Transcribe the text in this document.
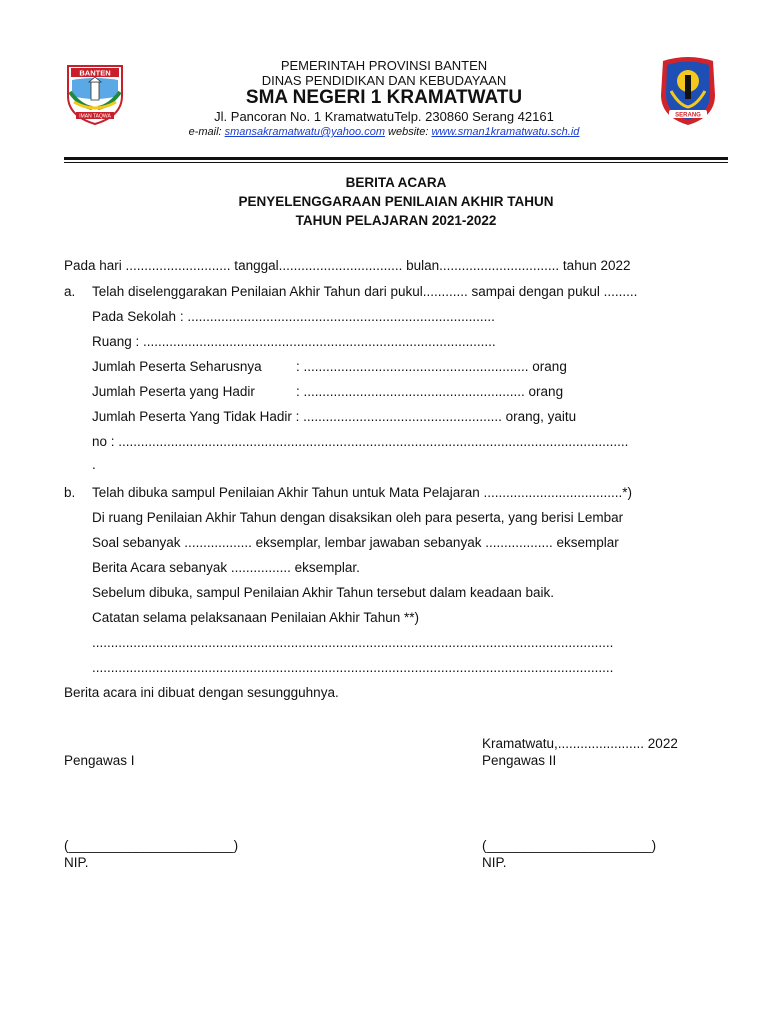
BANTEN
IMAN TAQWA	SERANG
PEMERINTAH PROVINSI BANTEN
DINAS PENDIDIKAN DAN KEBUDAYAAN
SMA NEGERI 1 KRAMATWATU
Jl. Pancoran No. 1 KramatwatuTelp. 230860 Serang 42161
e-mail: smansakramatwatu@yahoo.com website: www.sman1kramatwatu.sch.id
BERITA ACARA
PENYELENGGARAAN PENILAIAN AKHIR TAHUN
TAHUN PELAJARAN 2021-2022
Pada hari ............................ tanggal................................. bulan................................ tahun 2022
a. Telah diselenggarakan Penilaian Akhir Tahun dari pukul............ sampai dengan pukul .........
Pada Sekolah : ..................................................................................
Ruang : ..............................................................................................
Jumlah Peserta Seharusnya	: ............................................................ orang
Jumlah Peserta yang Hadir	: ........................................................... orang
Jumlah Peserta Yang Tidak Hadir : ..................................................... orang, yaitu
no : ........................................................................................................................................
.
b. Telah dibuka sampul Penilaian Akhir Tahun untuk Mata Pelajaran .....................................*)
Di ruang Penilaian Akhir Tahun dengan disaksikan oleh para peserta, yang berisi Lembar
Soal sebanyak .................. eksemplar, lembar jawaban sebanyak .................. eksemplar
Berita Acara sebanyak ................ eksemplar.
Sebelum dibuka, sampul Penilaian Akhir Tahun tersebut dalam keadaan baik.
Catatan selama pelaksanaan Penilaian Akhir Tahun **)
...........................................................................................................................................
...........................................................................................................................................
Berita acara ini dibuat dengan sesungguhnya.
Kramatwatu,....................... 2022
Pengawas I	Pengawas II
(______________________)	(______________________)
NIP.	NIP.
